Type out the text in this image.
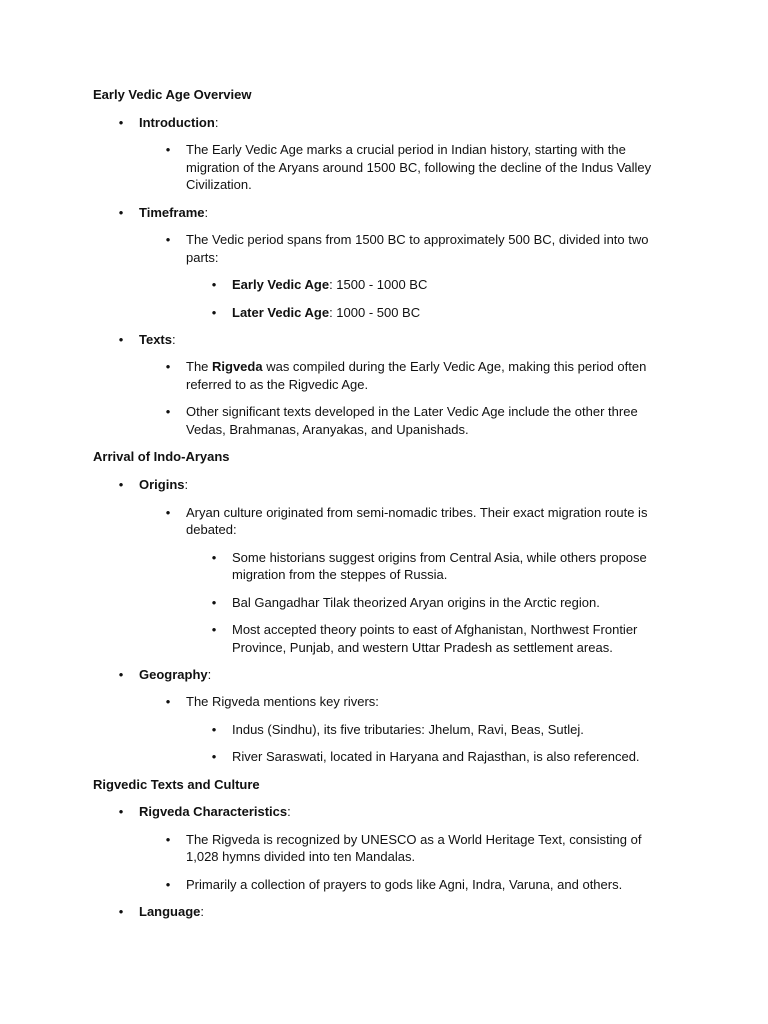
Early Vedic Age Overview
• Introduction:
• The Early Vedic Age marks a crucial period in Indian history, starting with the migration of the Aryans around 1500 BC, following the decline of the Indus Valley Civilization.
• Timeframe:
• The Vedic period spans from 1500 BC to approximately 500 BC, divided into two parts:
• Early Vedic Age: 1500 - 1000 BC
• Later Vedic Age: 1000 - 500 BC
• Texts:
• The Rigveda was compiled during the Early Vedic Age, making this period often referred to as the Rigvedic Age.
• Other significant texts developed in the Later Vedic Age include the other three Vedas, Brahmanas, Aranyakas, and Upanishads.
Arrival of Indo-Aryans
• Origins:
• Aryan culture originated from semi-nomadic tribes. Their exact migration route is debated:
• Some historians suggest origins from Central Asia, while others propose migration from the steppes of Russia.
• Bal Gangadhar Tilak theorized Aryan origins in the Arctic region.
• Most accepted theory points to east of Afghanistan, Northwest Frontier Province, Punjab, and western Uttar Pradesh as settlement areas.
• Geography:
• The Rigveda mentions key rivers:
• Indus (Sindhu), its five tributaries: Jhelum, Ravi, Beas, Sutlej.
• River Saraswati, located in Haryana and Rajasthan, is also referenced.
Rigvedic Texts and Culture
• Rigveda Characteristics:
• The Rigveda is recognized by UNESCO as a World Heritage Text, consisting of 1,028 hymns divided into ten Mandalas.
• Primarily a collection of prayers to gods like Agni, Indra, Varuna, and others.
• Language:
